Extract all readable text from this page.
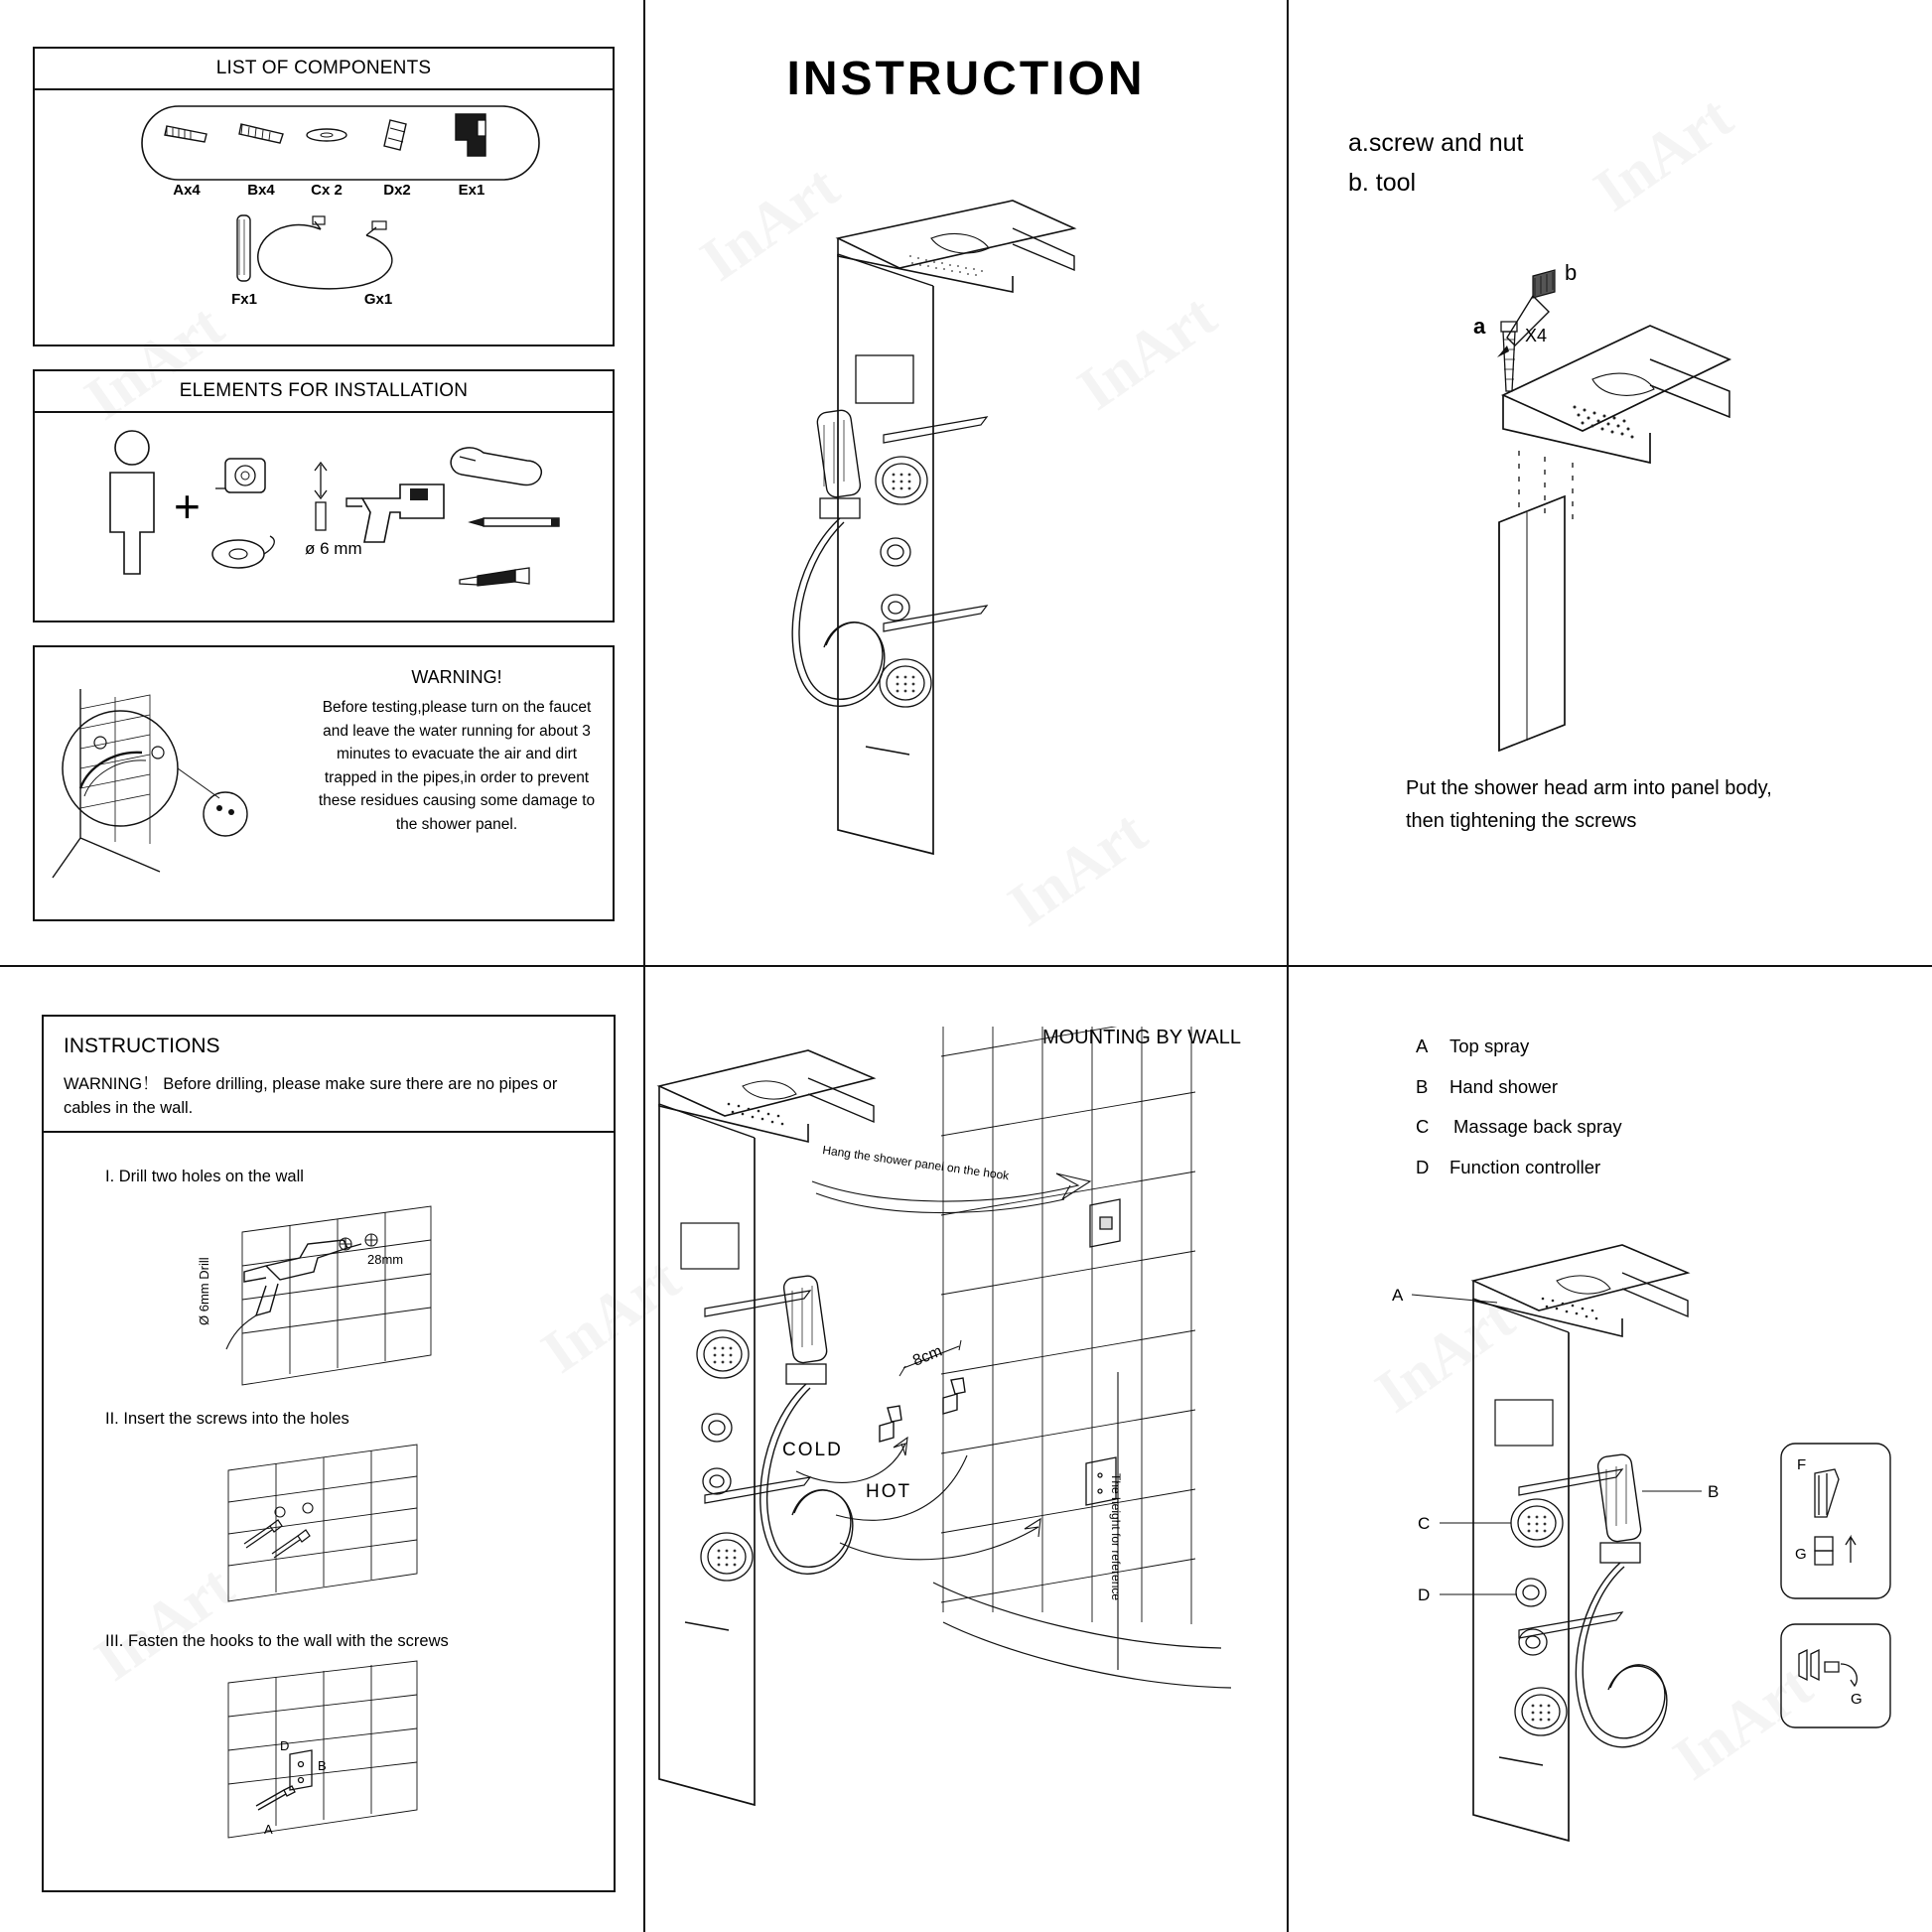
LIST OF COMPONENTS
Ax4	Bx4 Cx 2	Dx2	Ex1
Fx1	Gx1
ELEMENTS FOR INSTALLATION
+
ø 6 mm
WARNING!
Before testing,please turn on the faucet and leave the water running for about 3 minutes to evacuate the air and dirt trapped in the pipes,in order to prevent these residues causing some damage to the shower panel.
INSTRUCTION
a.screw and nut
b. tool
b
a X4
Put the shower head arm into panel body,
then tightening the screws
INSTRUCTIONS
WARNING！ Before drilling, please make sure there are no pipes or cables in the wall.
I. Drill two holes on the wall
28mm
Ø 6mm Drill
II. Insert the screws into the holes
III. Fasten the hooks to the wall with the screws
D
B
A
MOUNTING BY WALL
Hang the shower panel on the hook
8cm
COLD
HOT	The height for reference
A Top spray
B Hand shower
C Massage back spray
D Function controller
A
B
C
D
F
G
G
